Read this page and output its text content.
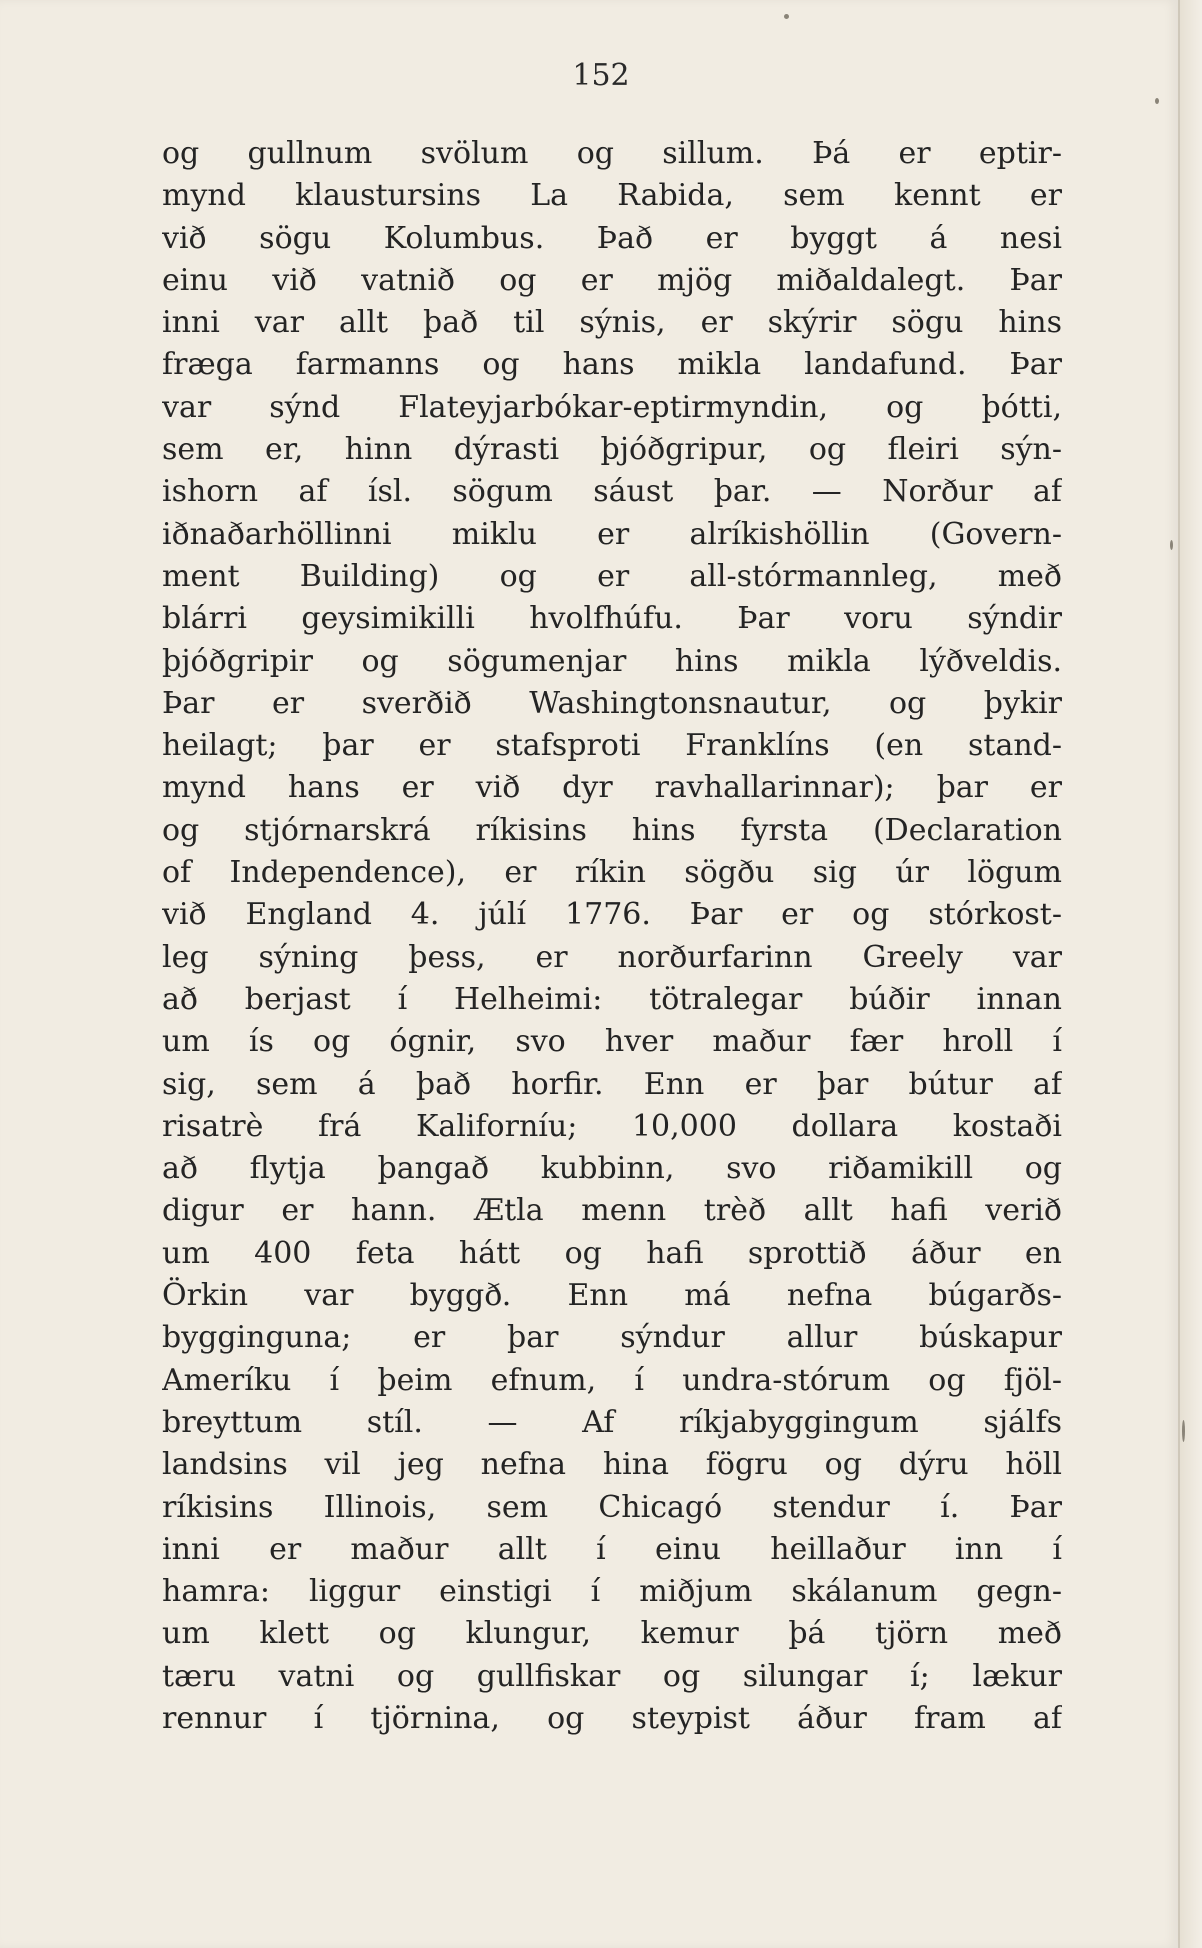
152
og gullnum svölum og sillum. Þá er eptir-
mynd klaustursins La Rabida, sem kennt er
við sögu Kolumbus. Það er byggt á nesi
einu við vatnið og er mjög miðaldalegt. Þar
inni var allt það til sýnis, er skýrir sögu hins
fræga farmanns og hans mikla landafund. Þar
var sýnd Flateyjarbókar-eptirmyndin, og þótti,
sem er, hinn dýrasti þjóðgripur, og fleiri sýn-
ishorn af ísl. sögum sáust þar. — Norður af
iðnaðarhöllinni miklu er alríkishöllin (Govern-
ment Building) og er all-stórmannleg, með
blárri geysimikilli hvolfhúfu. Þar voru sýndir
þjóðgripir og sögumenjar hins mikla lýðveldis.
Þar er sverðið Washingtonsnautur, og þykir
heilagt; þar er stafsproti Franklíns (en stand-
mynd hans er við dyr ravhallarinnar); þar er
og stjórnarskrá ríkisins hins fyrsta (Declaration
of Independence), er ríkin sögðu sig úr lögum
við England 4. júlí 1776. Þar er og stórkost-
leg sýning þess, er norðurfarinn Greely var
að berjast í Helheimi: tötralegar búðir innan
um ís og ógnir, svo hver maður fær hroll í
sig, sem á það horfir. Enn er þar bútur af
risatrè frá Kaliforníu; 10,000 dollara kostaði
að flytja þangað kubbinn, svo riðamikill og
digur er hann. Ætla menn trèð allt hafi verið
um 400 feta hátt og hafi sprottið áður en
Örkin var byggð. Enn má nefna búgarðs-
bygginguna; er þar sýndur allur búskapur
Ameríku í þeim efnum, í undra-stórum og fjöl-
breyttum stíl. — Af ríkjabyggingum sjálfs
landsins vil jeg nefna hina fögru og dýru höll
ríkisins Illinois, sem Chicagó stendur í. Þar
inni er maður allt í einu heillaður inn í
hamra: liggur einstigi í miðjum skálanum gegn-
um klett og klungur, kemur þá tjörn með
tæru vatni og gullfiskar og silungar í; lækur
rennur í tjörnina, og steypist áður fram af
